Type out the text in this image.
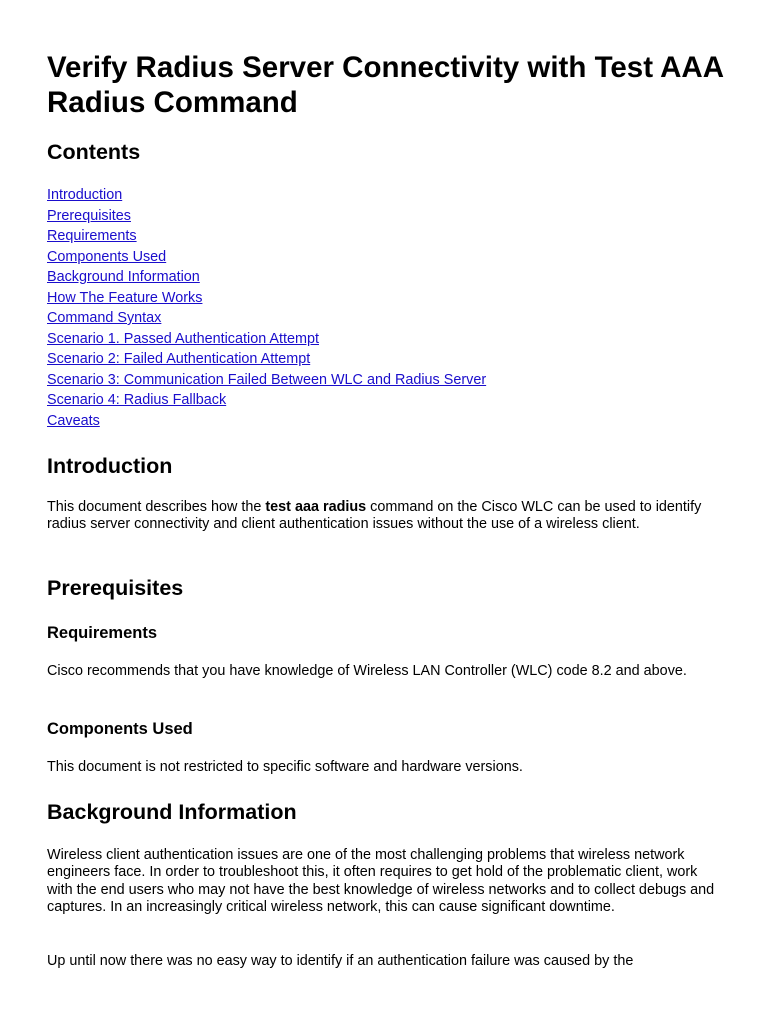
Verify Radius Server Connectivity with Test AAA Radius Command
Contents
Introduction
Prerequisites
Requirements
Components Used
Background Information
How The Feature Works
Command Syntax
Scenario 1. Passed Authentication Attempt
Scenario 2: Failed Authentication Attempt
Scenario 3: Communication Failed Between WLC and Radius Server
Scenario 4: Radius Fallback
Caveats
Introduction

This document describes how the test aaa radius command on the Cisco WLC can be used to identify radius server connectivity and client authentication issues without the use of a wireless client.

Prerequisites
Requirements

Cisco recommends that you have knowledge of Wireless LAN Controller (WLC) code 8.2 and above.

Components Used

This document is not restricted to specific software and hardware versions.

Background Information

Wireless client authentication issues are one of the most challenging problems that wireless network engineers face. In order to troubleshoot this, it often requires to get hold of the problematic client, work with the end users who may not have the best knowledge of wireless networks and to collect debugs and captures. In an increasingly critical wireless network, this can cause significant downtime.

Up until now there was no easy way to identify if an authentication failure was caused by the
